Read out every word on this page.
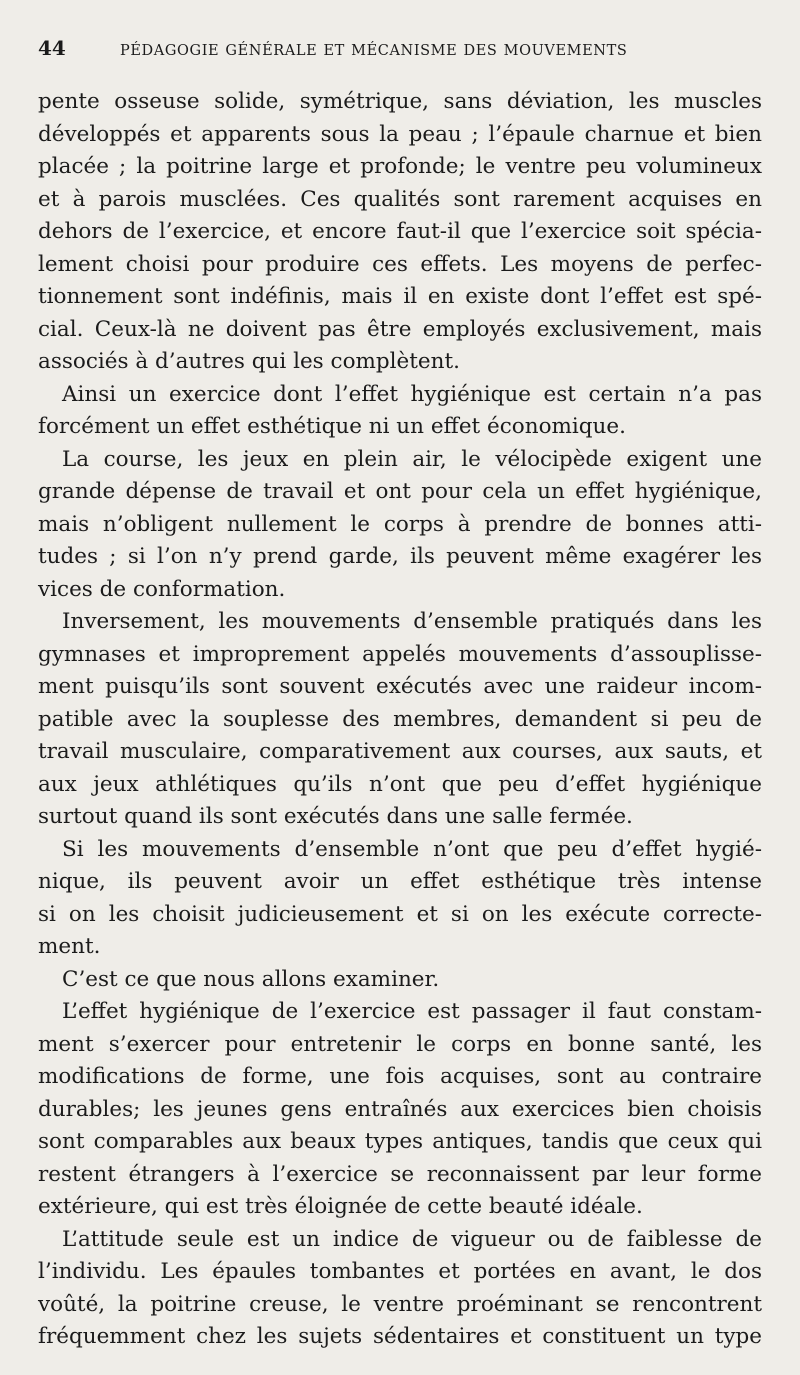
44	PÉDAGOGIE GÉNÉRALE ET MÉCANISME DES MOUVEMENTS
pente osseuse solide, symétrique, sans déviation, les muscles
développés et apparents sous la peau ; l’épaule charnue et bien
placée ; la poitrine large et profonde; le ventre peu volumineux
et à parois musclées. Ces qualités sont rarement acquises en
dehors de l’exercice, et encore faut-il que l’exercice soit spécia-
lement choisi pour produire ces effets. Les moyens de perfec-
tionnement sont indéfinis, mais il en existe dont l’effet est spé-
cial. Ceux-là ne doivent pas être employés exclusivement, mais
associés à d’autres qui les complètent.
Ainsi un exercice dont l’effet hygiénique est certain n’a pas
forcément un effet esthétique ni un effet économique.
La course, les jeux en plein air, le vélocipède exigent une
grande dépense de travail et ont pour cela un effet hygiénique,
mais n’obligent nullement le corps à prendre de bonnes atti-
tudes ; si l’on n’y prend garde, ils peuvent même exagérer les
vices de conformation.
Inversement, les mouvements d’ensemble pratiqués dans les
gymnases et improprement appelés mouvements d’assouplisse-
ment puisqu’ils sont souvent exécutés avec une raideur incom-
patible avec la souplesse des membres, demandent si peu de
travail musculaire, comparativement aux courses, aux sauts, et
aux jeux athlétiques qu’ils n’ont que peu d’effet hygiénique
surtout quand ils sont exécutés dans une salle fermée.
Si les mouvements d’ensemble n’ont que peu d’effet hygié-
nique, ils peuvent avoir un effet esthétique très intense
si on les choisit judicieusement et si on les exécute correcte-
ment.
C’est ce que nous allons examiner.
L’effet hygiénique de l’exercice est passager il faut constam-
ment s’exercer pour entretenir le corps en bonne santé, les
modifications de forme, une fois acquises, sont au contraire
durables; les jeunes gens entraînés aux exercices bien choisis
sont comparables aux beaux types antiques, tandis que ceux qui
restent étrangers à l’exercice se reconnaissent par leur forme
extérieure, qui est très éloignée de cette beauté idéale.
L’attitude seule est un indice de vigueur ou de faiblesse de
l’individu. Les épaules tombantes et portées en avant, le dos
voûté, la poitrine creuse, le ventre proéminant se rencontrent
fréquemment chez les sujets sédentaires et constituent un type
